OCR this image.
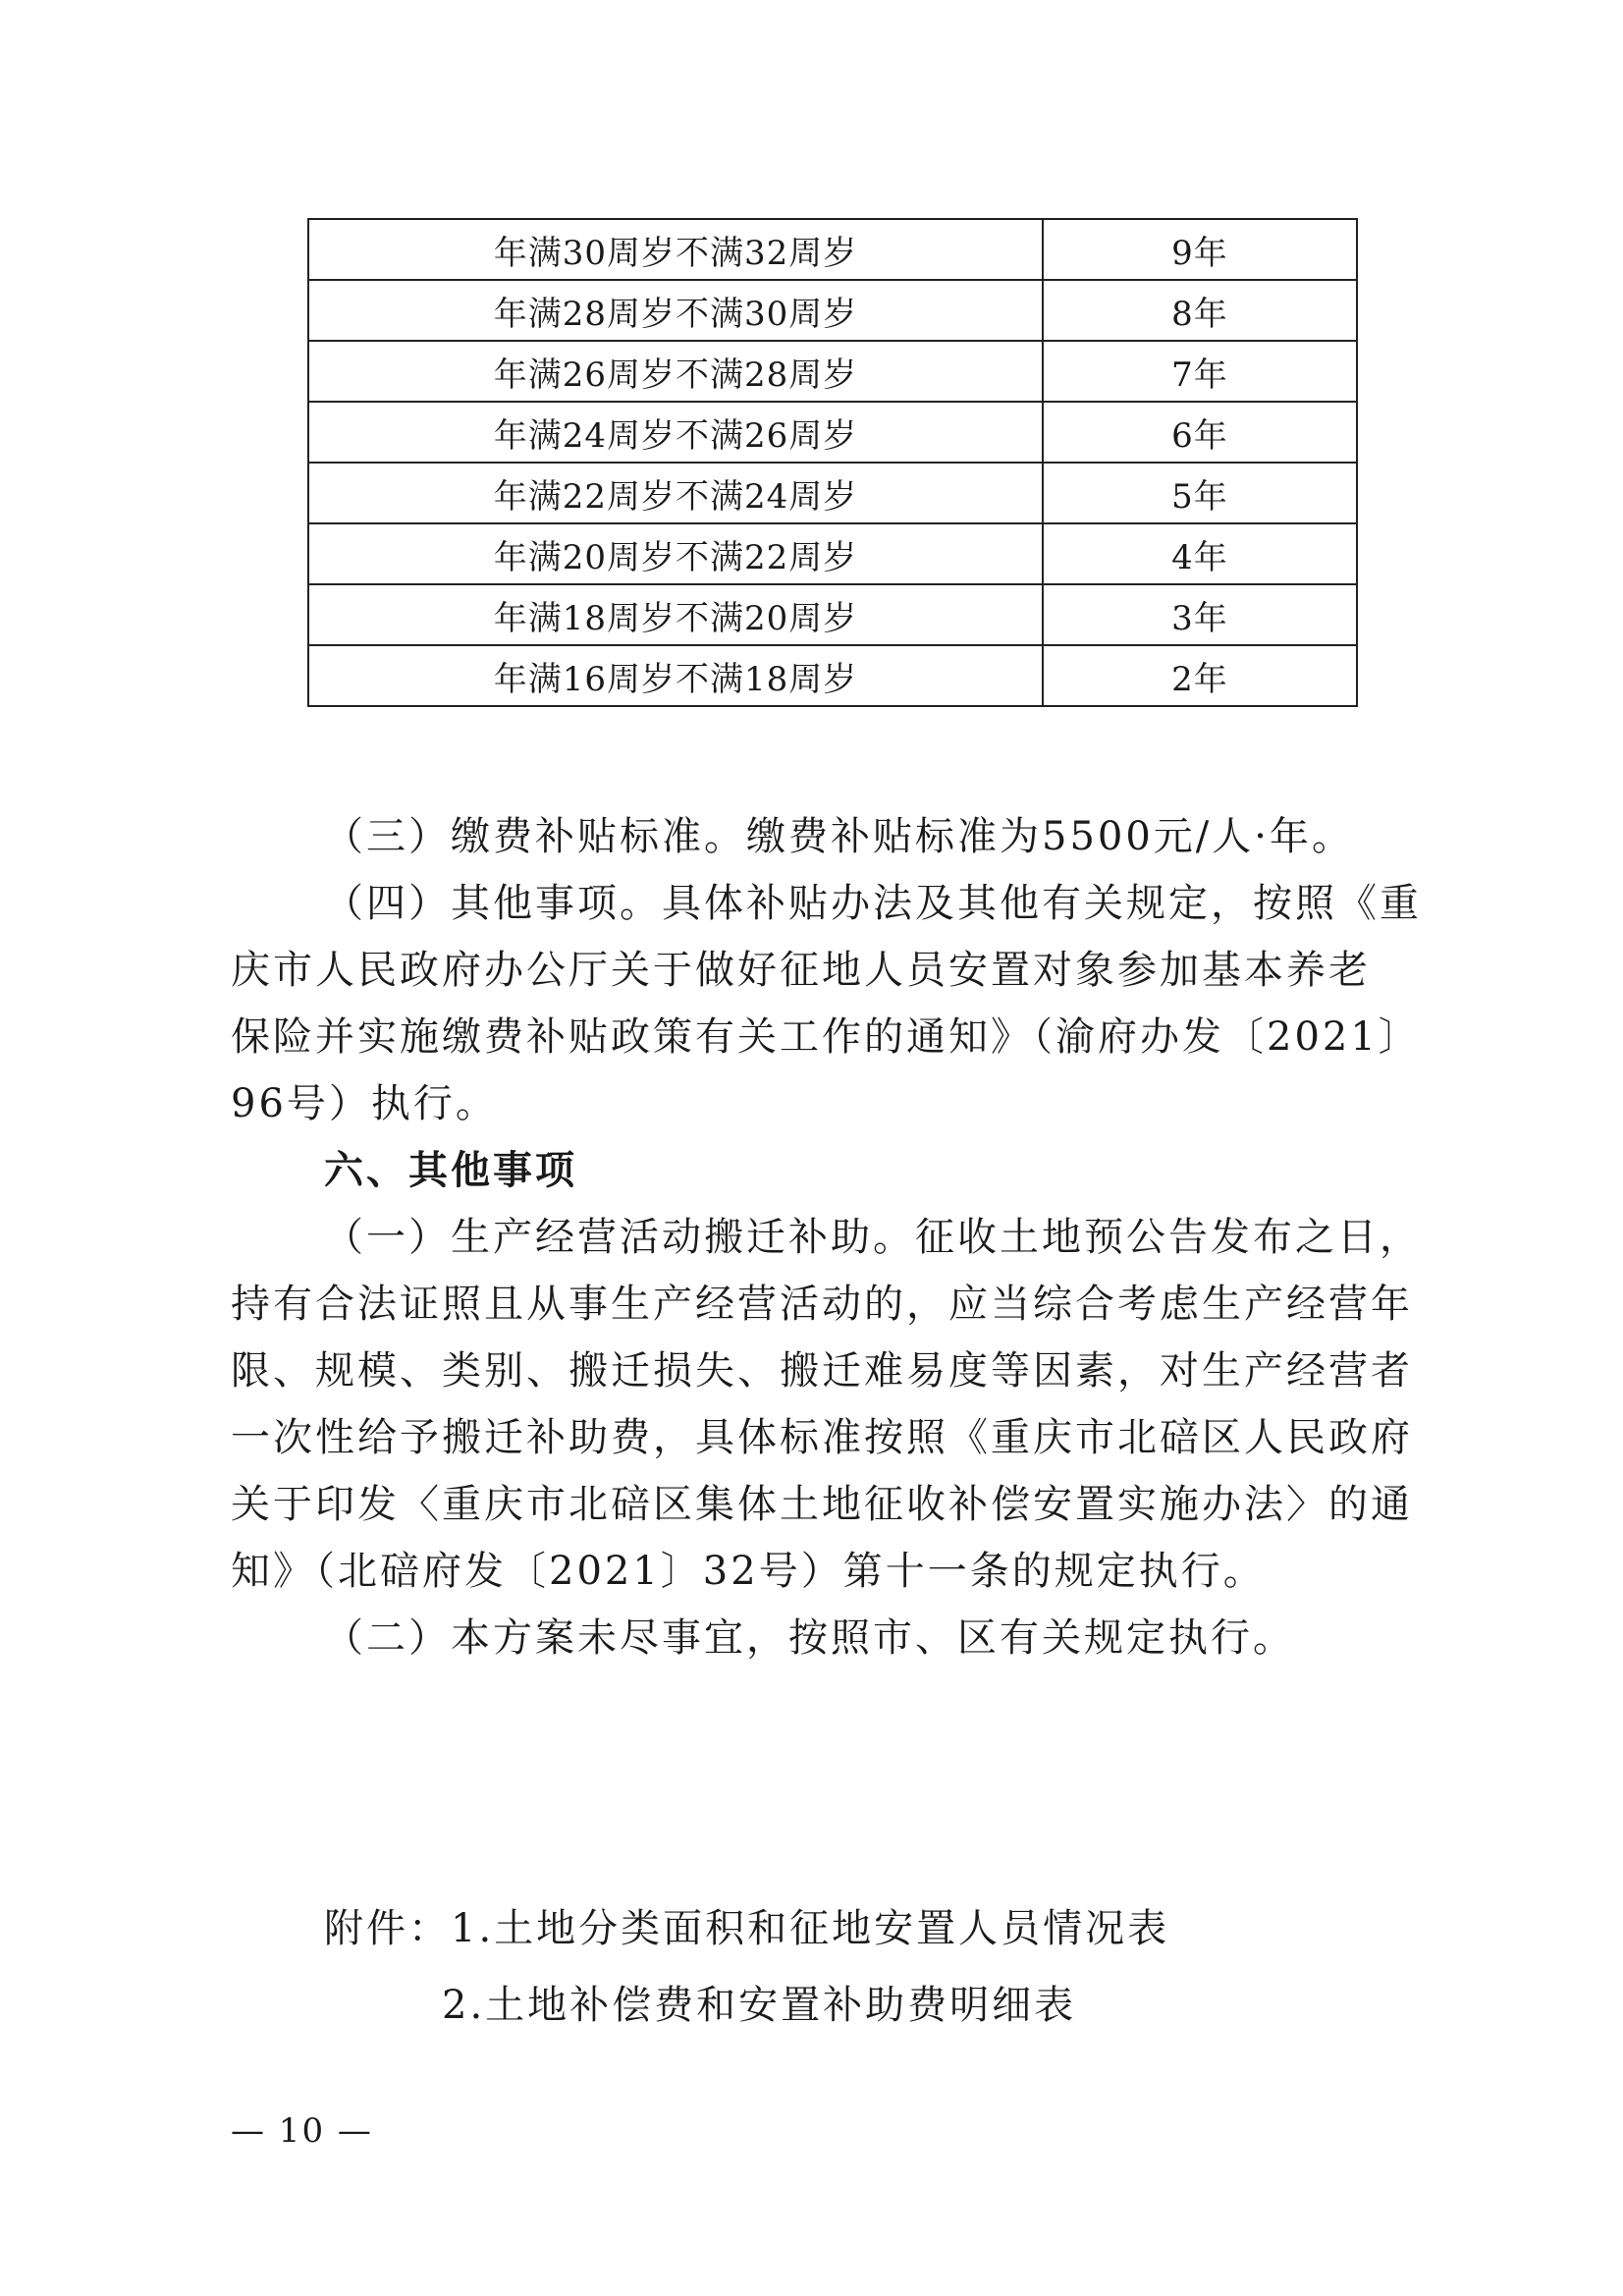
年满30周岁不满32周岁	9年
年满28周岁不满30周岁	8年
年满26周岁不满28周岁	7年
年满24周岁不满26周岁	6年
年满22周岁不满24周岁	5年
年满20周岁不满22周岁	4年
年满18周岁不满20周岁	3年
年满16周岁不满18周岁	2年
（三）缴费补贴标准。缴费补贴标准为5500元/人·年。
（四）其他事项。具体补贴办法及其他有关规定，按照《重
庆市人民政府办公厅关于做好征地人员安置对象参加基本养老
保险并实施缴费补贴政策有关工作的通知》（渝府办发〔2021〕
96号）执行。
六、其他事项
（一）生产经营活动搬迁补助。征收土地预公告发布之日，
持有合法证照且从事生产经营活动的，应当综合考虑生产经营年
限、规模、类别、搬迁损失、搬迁难易度等因素，对生产经营者
一次性给予搬迁补助费，具体标准按照《重庆市北碚区人民政府
关于印发〈重庆市北碚区集体土地征收补偿安置实施办法〉的通
知》（北碚府发〔2021〕32号）第十一条的规定执行。
（二）本方案未尽事宜，按照市、区有关规定执行。
附件：1.土地分类面积和征地安置人员情况表
2.土地补偿费和安置补助费明细表
— 10 —
